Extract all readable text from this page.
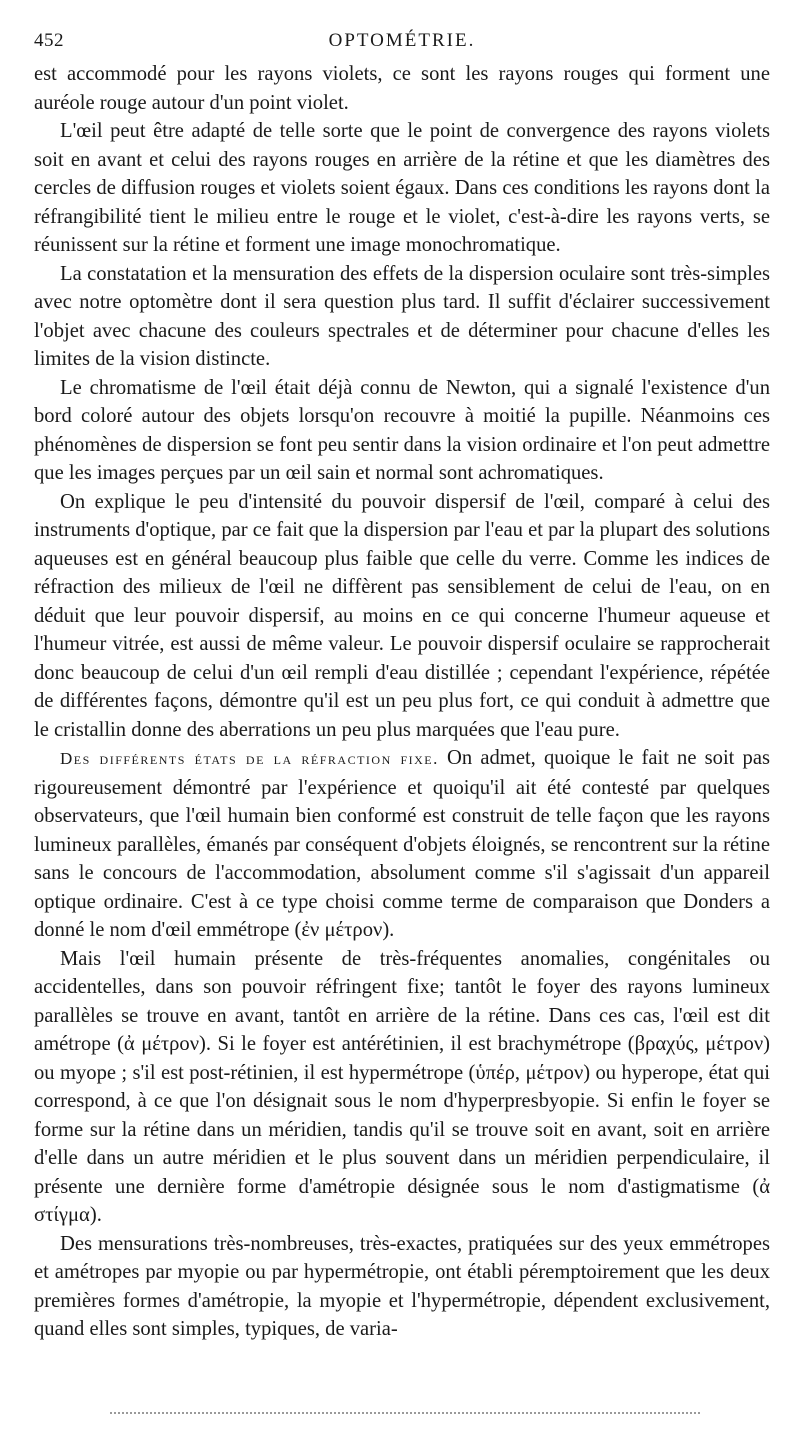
452	OPTOMÉTRIE.

est accommodé pour les rayons violets, ce sont les rayons rouges qui forment une auréole rouge autour d'un point violet.

L'œil peut être adapté de telle sorte que le point de convergence des rayons violets soit en avant et celui des rayons rouges en arrière de la rétine et que les diamètres des cercles de diffusion rouges et violets soient égaux. Dans ces conditions les rayons dont la réfrangibilité tient le milieu entre le rouge et le violet, c'est-à-dire les rayons verts, se réunissent sur la rétine et forment une image monochromatique.

La constatation et la mensuration des effets de la dispersion oculaire sont très-simples avec notre optomètre dont il sera question plus tard. Il suffit d'éclairer successivement l'objet avec chacune des couleurs spectrales et de déterminer pour chacune d'elles les limites de la vision distincte.

Le chromatisme de l'œil était déjà connu de Newton, qui a signalé l'existence d'un bord coloré autour des objets lorsqu'on recouvre à moitié la pupille. Néanmoins ces phénomènes de dispersion se font peu sentir dans la vision ordinaire et l'on peut admettre que les images perçues par un œil sain et normal sont achromatiques.

On explique le peu d'intensité du pouvoir dispersif de l'œil, comparé à celui des instruments d'optique, par ce fait que la dispersion par l'eau et par la plupart des solutions aqueuses est en général beaucoup plus faible que celle du verre. Comme les indices de réfraction des milieux de l'œil ne diffèrent pas sensiblement de celui de l'eau, on en déduit que leur pouvoir dispersif, au moins en ce qui concerne l'humeur aqueuse et l'humeur vitrée, est aussi de même valeur. Le pouvoir dispersif oculaire se rapprocherait donc beaucoup de celui d'un œil rempli d'eau distillée ; cependant l'expérience, répétée de différentes façons, démontre qu'il est un peu plus fort, ce qui conduit à admettre que le cristallin donne des aberrations un peu plus marquées que l'eau pure.

Des différents états de la réfraction fixe. On admet, quoique le fait ne soit pas rigoureusement démontré par l'expérience et quoiqu'il ait été contesté par quelques observateurs, que l'œil humain bien conformé est construit de telle façon que les rayons lumineux parallèles, émanés par conséquent d'objets éloignés, se rencontrent sur la rétine sans le concours de l'accommodation, absolument comme s'il s'agissait d'un appareil optique ordinaire. C'est à ce type choisi comme terme de comparaison que Donders a donné le nom d'œil emmétrope (ἐν μέτρον).

Mais l'œil humain présente de très-fréquentes anomalies, congénitales ou accidentelles, dans son pouvoir réfringent fixe; tantôt le foyer des rayons lumineux parallèles se trouve en avant, tantôt en arrière de la rétine. Dans ces cas, l'œil est dit amétrope (ἀ μέτρον). Si le foyer est antérétinien, il est brachymétrope (βραχύς, μέτρον) ou myope ; s'il est post-rétinien, il est hypermétrope (ὑπέρ, μέτρον) ou hyperope, état qui correspond, à ce que l'on désignait sous le nom d'hyperpresbyopie. Si enfin le foyer se forme sur la rétine dans un méridien, tandis qu'il se trouve soit en avant, soit en arrière d'elle dans un autre méridien et le plus souvent dans un méridien perpendiculaire, il présente une dernière forme d'amétropie désignée sous le nom d'astigmatisme (ἀ στίγμα).

Des mensurations très-nombreuses, très-exactes, pratiquées sur des yeux emmétropes et amétropes par myopie ou par hypermétropie, ont établi péremptoirement que les deux premières formes d'amétropie, la myopie et l'hypermétropie, dépendent exclusivement, quand elles sont simples, typiques, de varia-
